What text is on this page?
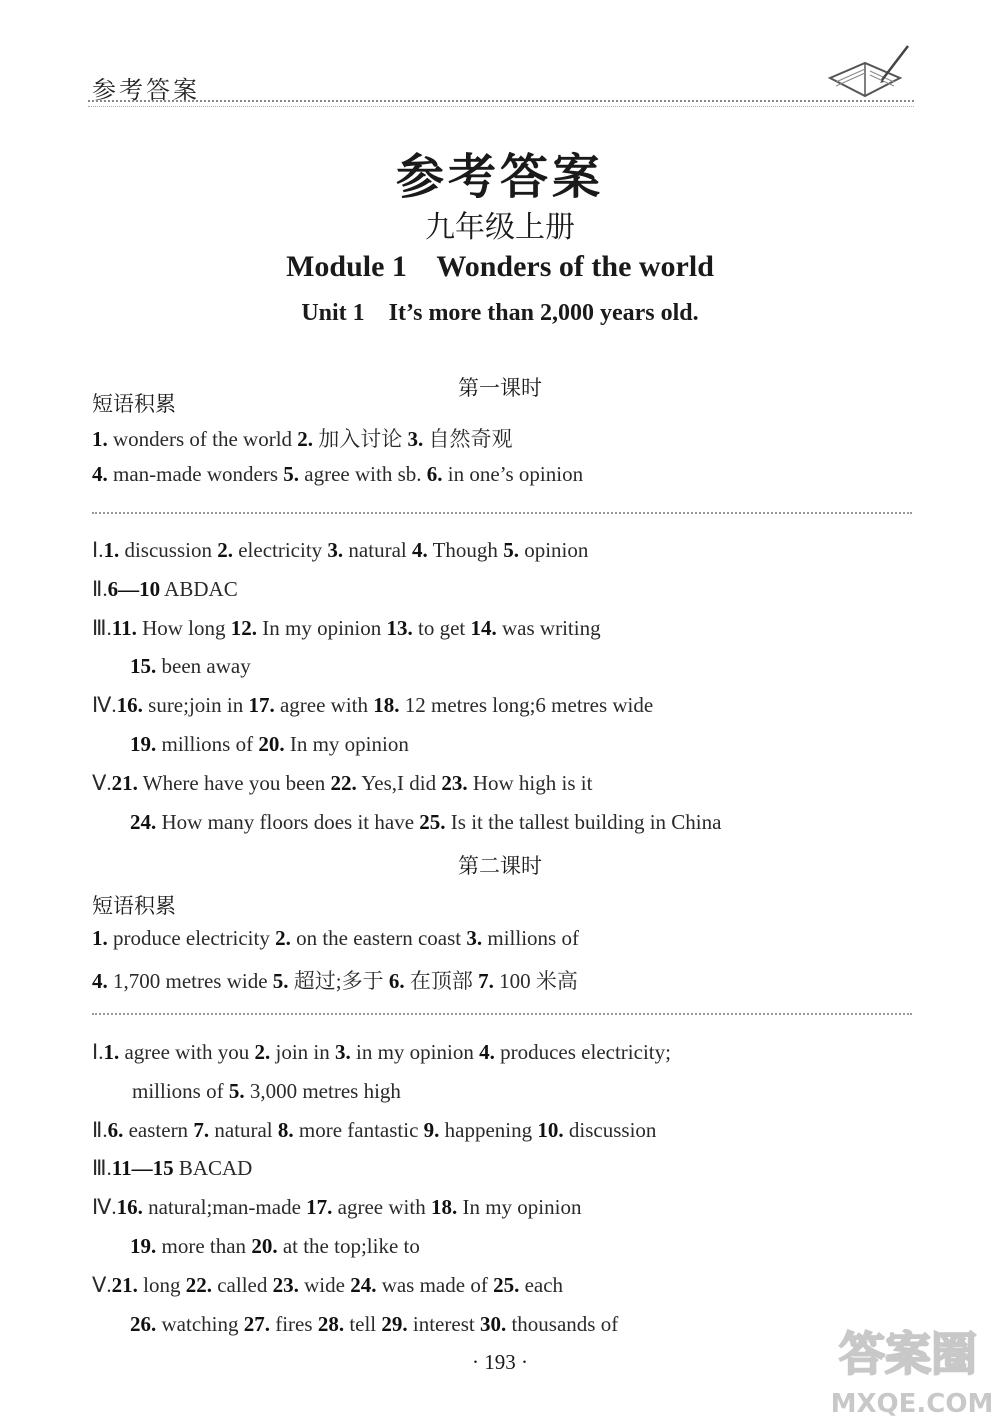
参考答案
参考答案
九年级上册
Module 1    Wonders of the world
Unit 1    It’s more than 2,000 years old.
第一课时
短语积累
1. wonders of the world 2. 加入讨论 3. 自然奇观
4. man-made wonders 5. agree with sb. 6. in one’s opinion
Ⅰ.1. discussion 2. electricity 3. natural 4. Though 5. opinion
Ⅱ.6—10 ABDAC
Ⅲ.11. How long 12. In my opinion 13. to get 14. was writing
15. been away
Ⅳ.16. sure;join in 17. agree with 18. 12 metres long;6 metres wide
19. millions of 20. In my opinion
Ⅴ.21. Where have you been 22. Yes,I did 23. How high is it
24. How many floors does it have 25. Is it the tallest building in China
第二课时
短语积累
1. produce electricity 2. on the eastern coast 3. millions of
4. 1,700 metres wide 5. 超过;多于 6. 在顶部 7. 100 米高
Ⅰ.1. agree with you 2. join in 3. in my opinion 4. produces electricity;
millions of 5. 3,000 metres high
Ⅱ.6. eastern 7. natural 8. more fantastic 9. happening 10. discussion
Ⅲ.11—15 BACAD
Ⅳ.16. natural;man-made 17. agree with 18. In my opinion
19. more than 20. at the top;like to
Ⅴ.21. long 22. called 23. wide 24. was made of 25. each
26. watching 27. fires 28. tell 29. interest 30. thousands of
· 193 ·	答案圈
MXQE.COM
